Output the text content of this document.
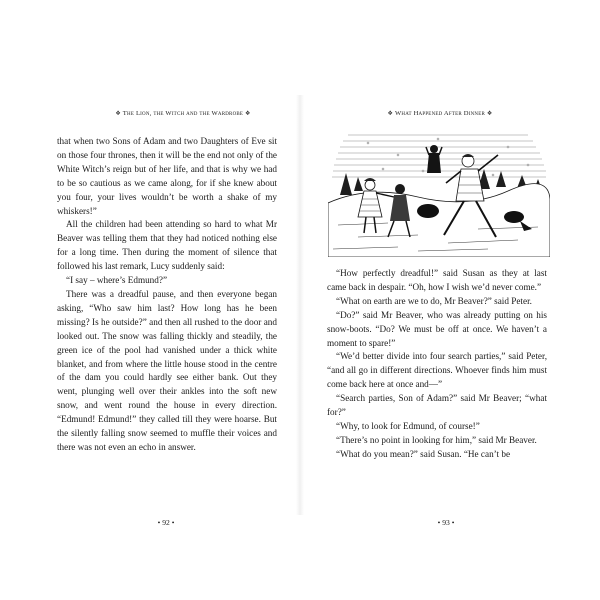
❖ The Lion, the Witch and the Wardrobe ❖

that when two Sons of Adam and two Daughters of Eve sit on those four thrones, then it will be the end not only of the White Witch’s reign but of her life, and that is why we had to be so cautious as we came along, for if she knew about you four, your lives wouldn’t be worth a shake of my whiskers!”

All the children had been attending so hard to what Mr Beaver was telling them that they had noticed nothing else for a long time. Then during the moment of silence that followed his last remark, Lucy suddenly said:

“I say – where’s Edmund?”

There was a dreadful pause, and then everyone began asking, “Who saw him last? How long has he been missing? Is he outside?” and then all rushed to the door and looked out. The snow was falling thickly and steadily, the green ice of the pool had vanished under a thick white blanket, and from where the little house stood in the centre of the dam you could hardly see either bank. Out they went, plunging well over their ankles into the soft new snow, and went round the house in every direction. “Edmund! Edmund!” they called till they were hoarse. But the silently falling snow seemed to muffle their voices and there was not even an echo in answer.

• 92 •
❖ What Happened After Dinner ❖

“How perfectly dreadful!” said Susan as they at last came back in despair. “Oh, how I wish we’d never come.”

“What on earth are we to do, Mr Beaver?” said Peter.

“Do?” said Mr Beaver, who was already putting on his snow-boots. “Do? We must be off at once. We haven’t a moment to spare!”

“We’d better divide into four search parties,” said Peter, “and all go in different directions. Whoever finds him must come back here at once and—”

“Search parties, Son of Adam?” said Mr Beaver; “what for?”

“Why, to look for Edmund, of course!”

“There’s no point in looking for him,” said Mr Beaver.

“What do you mean?” said Susan. “He can’t be

• 93 •
